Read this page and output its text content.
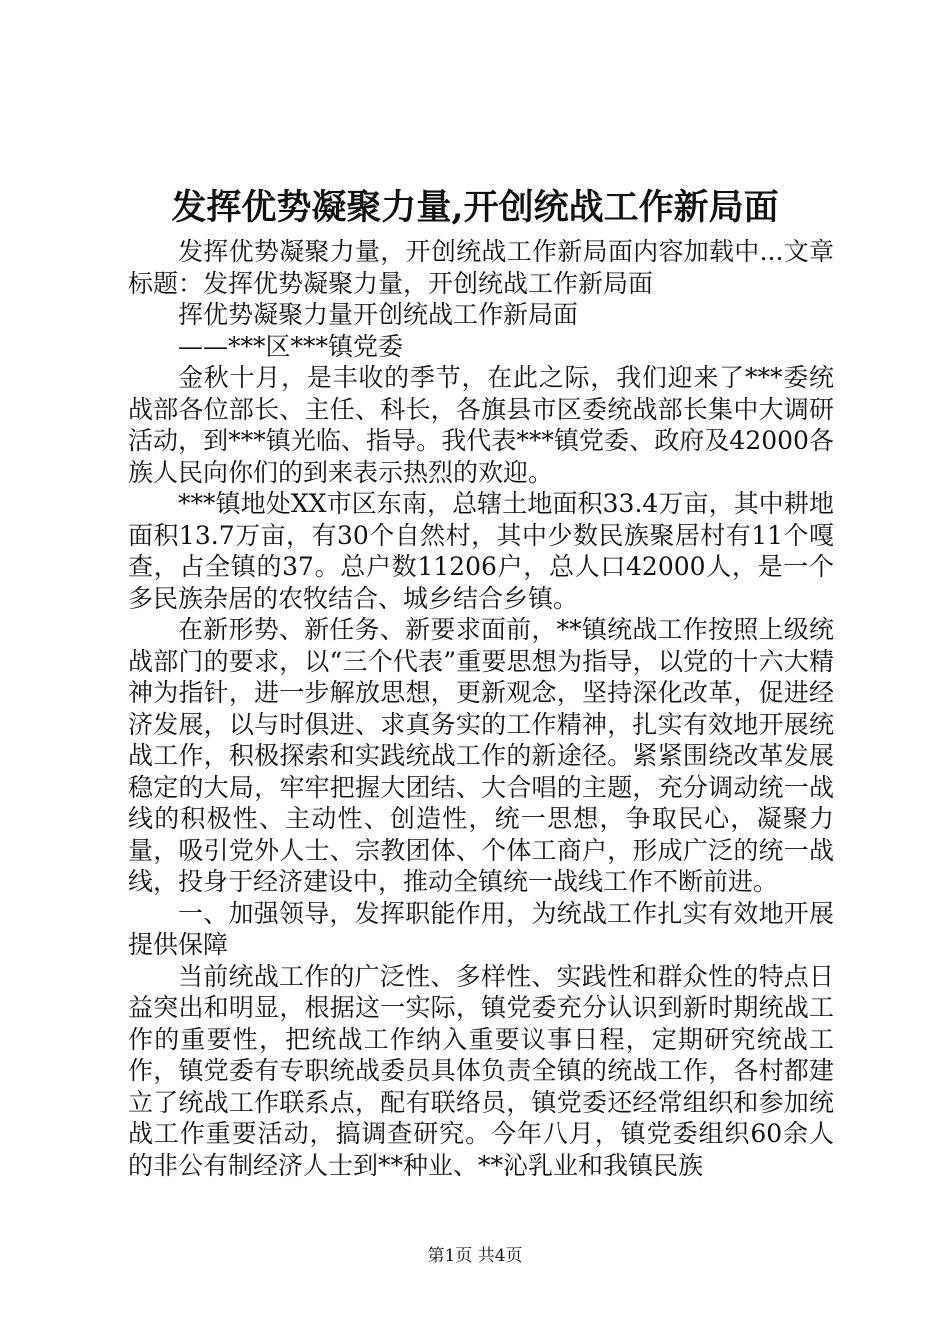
发挥优势凝聚力量,开创统战工作新局面

发挥优势凝聚力量，开创统战工作新局面内容加载中...文章标题：发挥优势凝聚力量，开创统战工作新局面

挥优势凝聚力量开创统战工作新局面

——***区***镇党委

金秋十月，是丰收的季节，在此之际，我们迎来了***委统战部各位部长、主任、科长，各旗县市区委统战部长集中大调研活动，到***镇光临、指导。我代表***镇党委、政府及42000各族人民向你们的到来表示热烈的欢迎。

***镇地处XX市区东南，总辖土地面积33.4万亩，其中耕地面积13.7万亩，有30个自然村，其中少数民族聚居村有11个嘎查，占全镇的37。总户数11206户，总人口42000人，是一个多民族杂居的农牧结合、城乡结合乡镇。

在新形势、新任务、新要求面前，**镇统战工作按照上级统战部门的要求，以“三个代表”重要思想为指导，以党的十六大精神为指针，进一步解放思想，更新观念，坚持深化改革，促进经济发展，以与时俱进、求真务实的工作精神，扎实有效地开展统战工作，积极探索和实践统战工作的新途径。紧紧围绕改革发展稳定的大局，牢牢把握大团结、大合唱的主题，充分调动统一战线的积极性、主动性、创造性，统一思想，争取民心，凝聚力量，吸引党外人士、宗教团体、个体工商户，形成广泛的统一战线，投身于经济建设中，推动全镇统一战线工作不断前进。

一、加强领导，发挥职能作用，为统战工作扎实有效地开展提供保障

当前统战工作的广泛性、多样性、实践性和群众性的特点日益突出和明显，根据这一实际，镇党委充分认识到新时期统战工作的重要性，把统战工作纳入重要议事日程，定期研究统战工作，镇党委有专职统战委员具体负责全镇的统战工作，各村都建立了统战工作联系点，配有联络员，镇党委还经常组织和参加统战工作重要活动，搞调查研究。今年八月，镇党委组织60余人的非公有制经济人士到**种业、**沁乳业和我镇民族

第1页 共4页
